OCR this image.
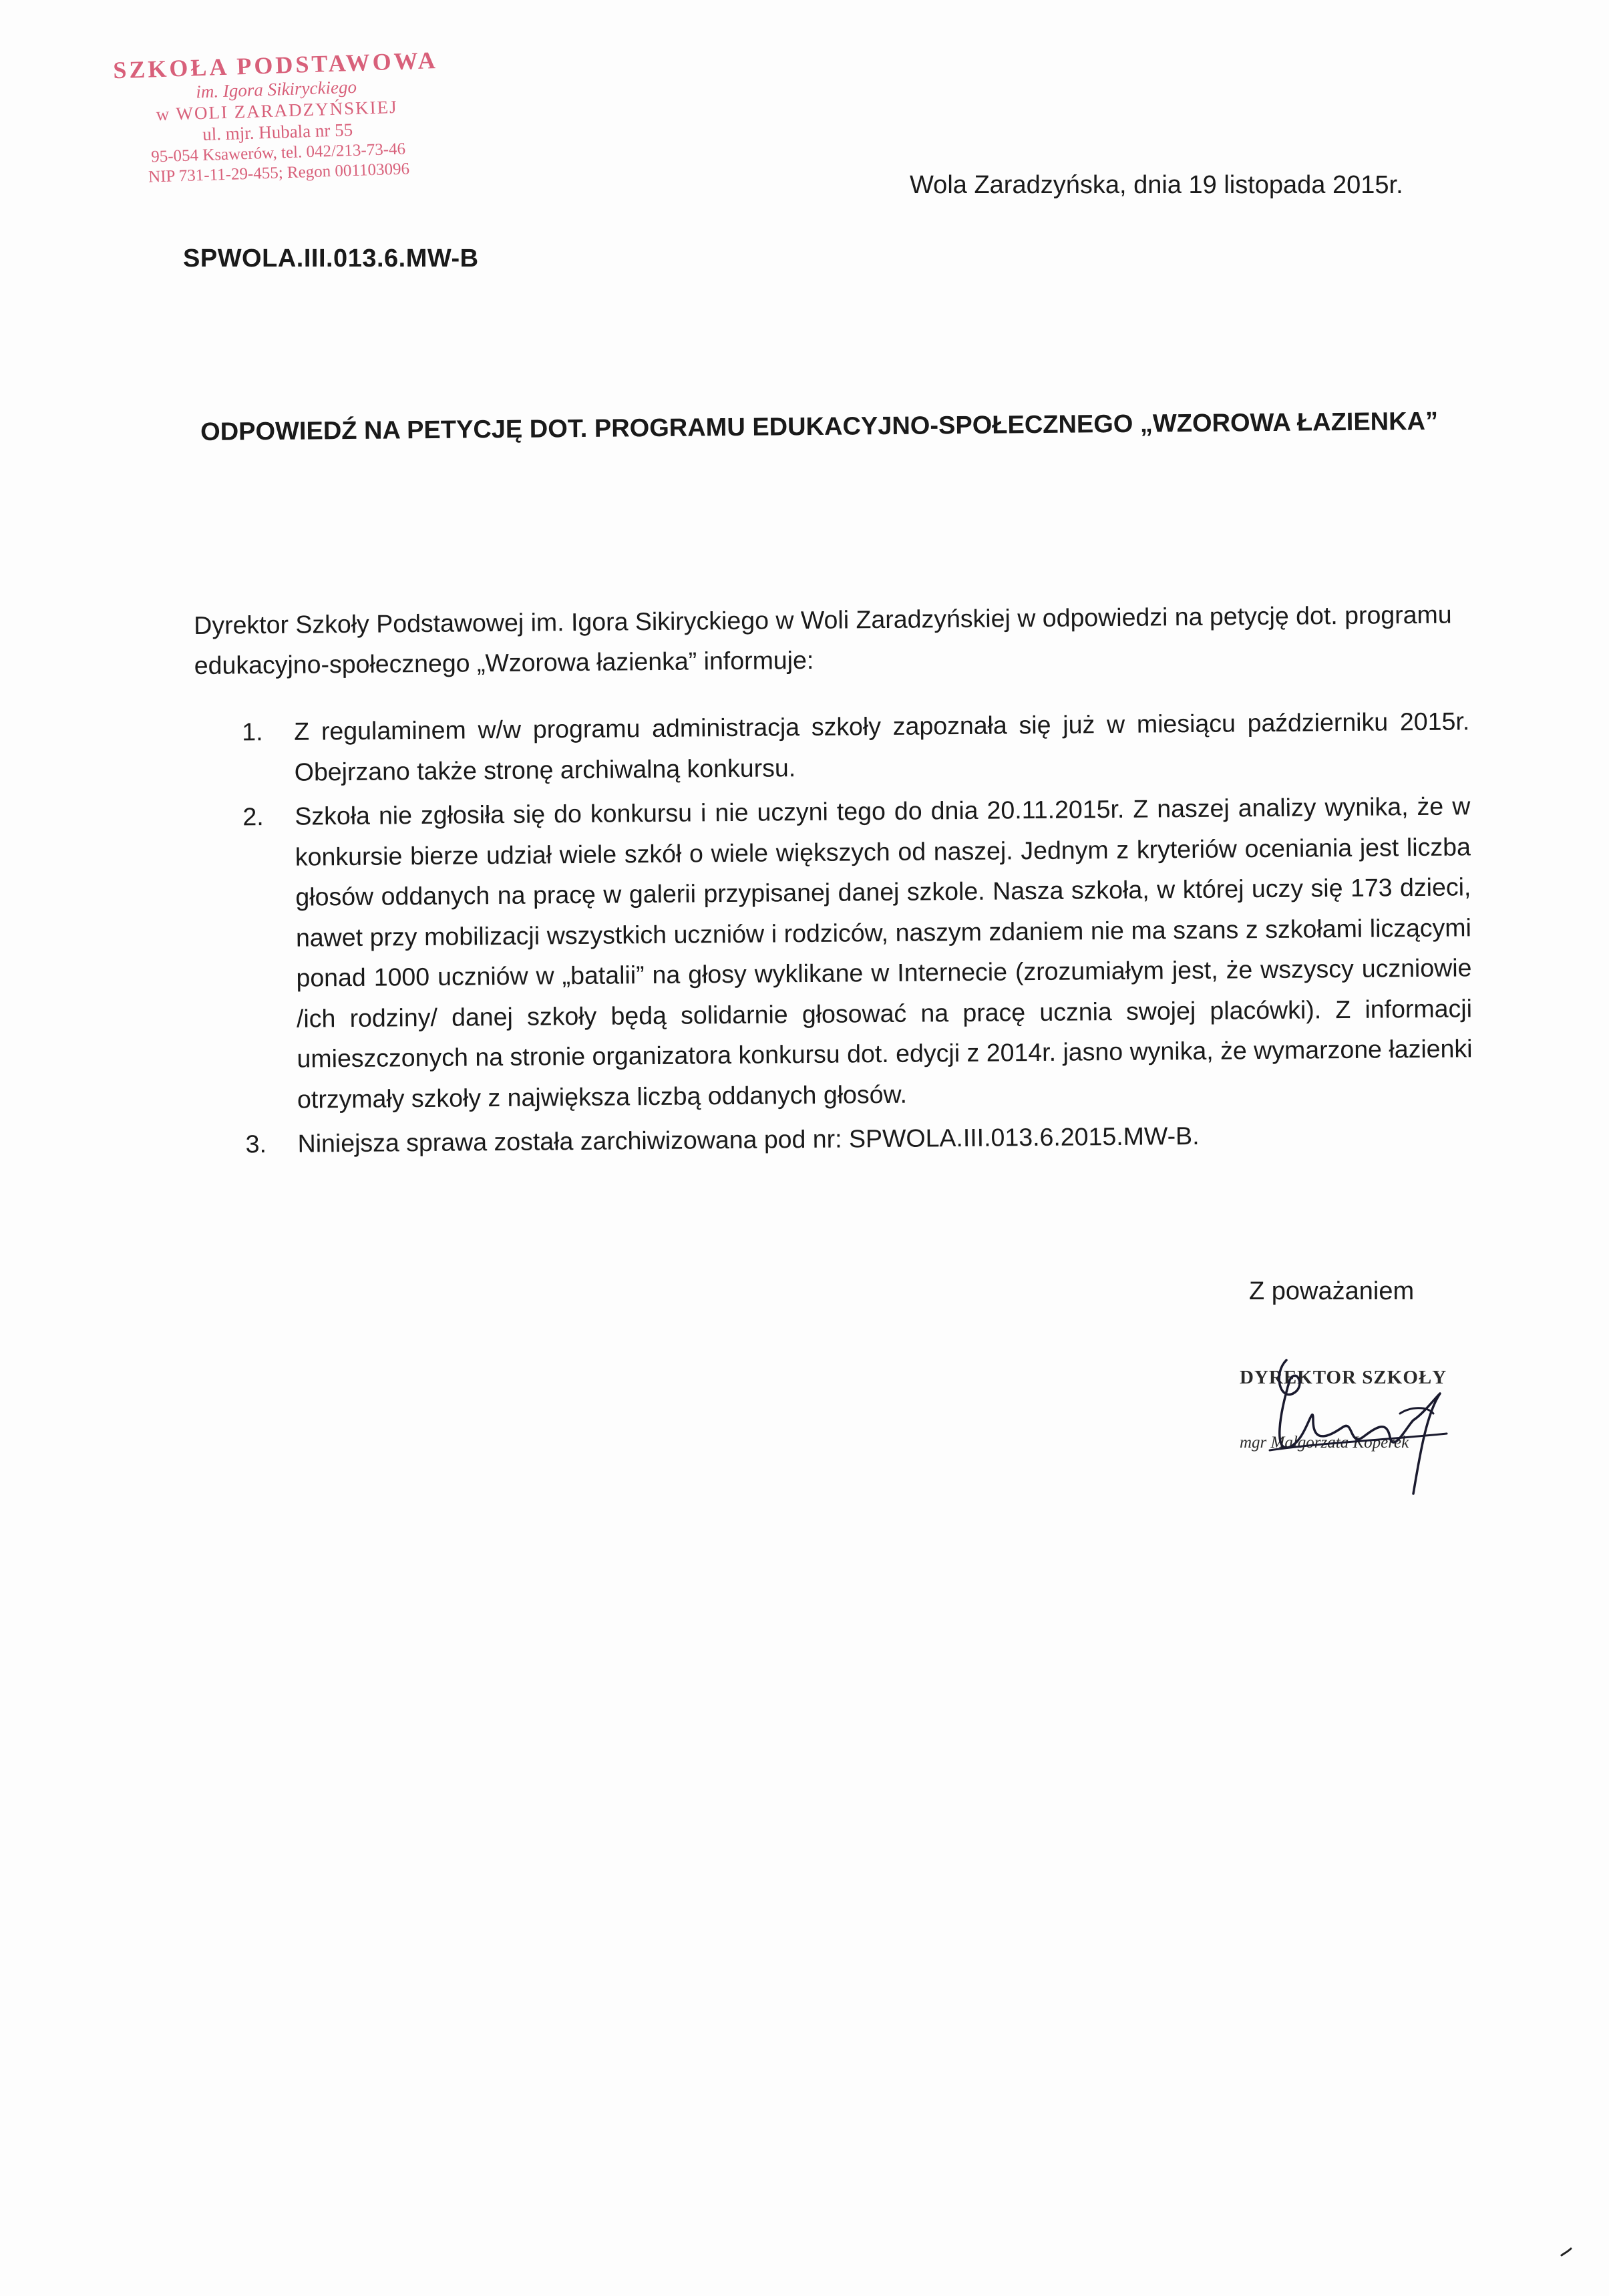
SZKOŁA PODSTAWOWA
im. Igora Sikiryckiego
w WOLI ZARADZYŃSKIEJ
ul. mjr. Hubala nr 55
95-054 Ksawerów, tel. 042/213-73-46
NIP 731-11-29-455; Regon 001103096	Wola Zaradzyńska, dnia 19 listopada 2015r.
SPWOLA.III.013.6.MW-B
ODPOWIEDŹ NA PETYCJĘ DOT. PROGRAMU EDUKACYJNO-SPOŁECZNEGO „WZOROWA ŁAZIENKA”
Dyrektor Szkoły Podstawowej im. Igora Sikiryckiego w Woli Zaradzyńskiej w odpowiedzi na petycję dot. programu edukacyjno-społecznego „Wzorowa łazienka” informuje:
1. Z regulaminem w/w programu administracja szkoły zapoznała się już w miesiącu październiku 2015r. Obejrzano także stronę archiwalną konkursu.
2. Szkoła nie zgłosiła się do konkursu i nie uczyni tego do dnia 20.11.2015r. Z naszej analizy wynika, że w konkursie bierze udział wiele szkół o wiele większych od naszej. Jednym z kryteriów oceniania jest liczba głosów oddanych na pracę w galerii przypisanej danej szkole. Nasza szkoła, w której uczy się 173 dzieci, nawet przy mobilizacji wszystkich uczniów i rodziców, naszym zdaniem nie ma szans z szkołami liczącymi ponad 1000 uczniów w „batalii” na głosy wyklikane w Internecie (zrozumiałym jest, że wszyscy uczniowie /ich rodziny/ danej szkoły będą solidarnie głosować na pracę ucznia swojej placówki). Z informacji umieszczonych na stronie organizatora konkursu dot. edycji z 2014r. jasno wynika, że wymarzone łazienki otrzymały szkoły z największa liczbą oddanych głosów.
3. Niniejsza sprawa została zarchiwizowana pod nr: SPWOLA.III.013.6.2015.MW-B.
Z poważaniem
DYREKTOR SZKOŁY
mgr Małgorzata Koperek
